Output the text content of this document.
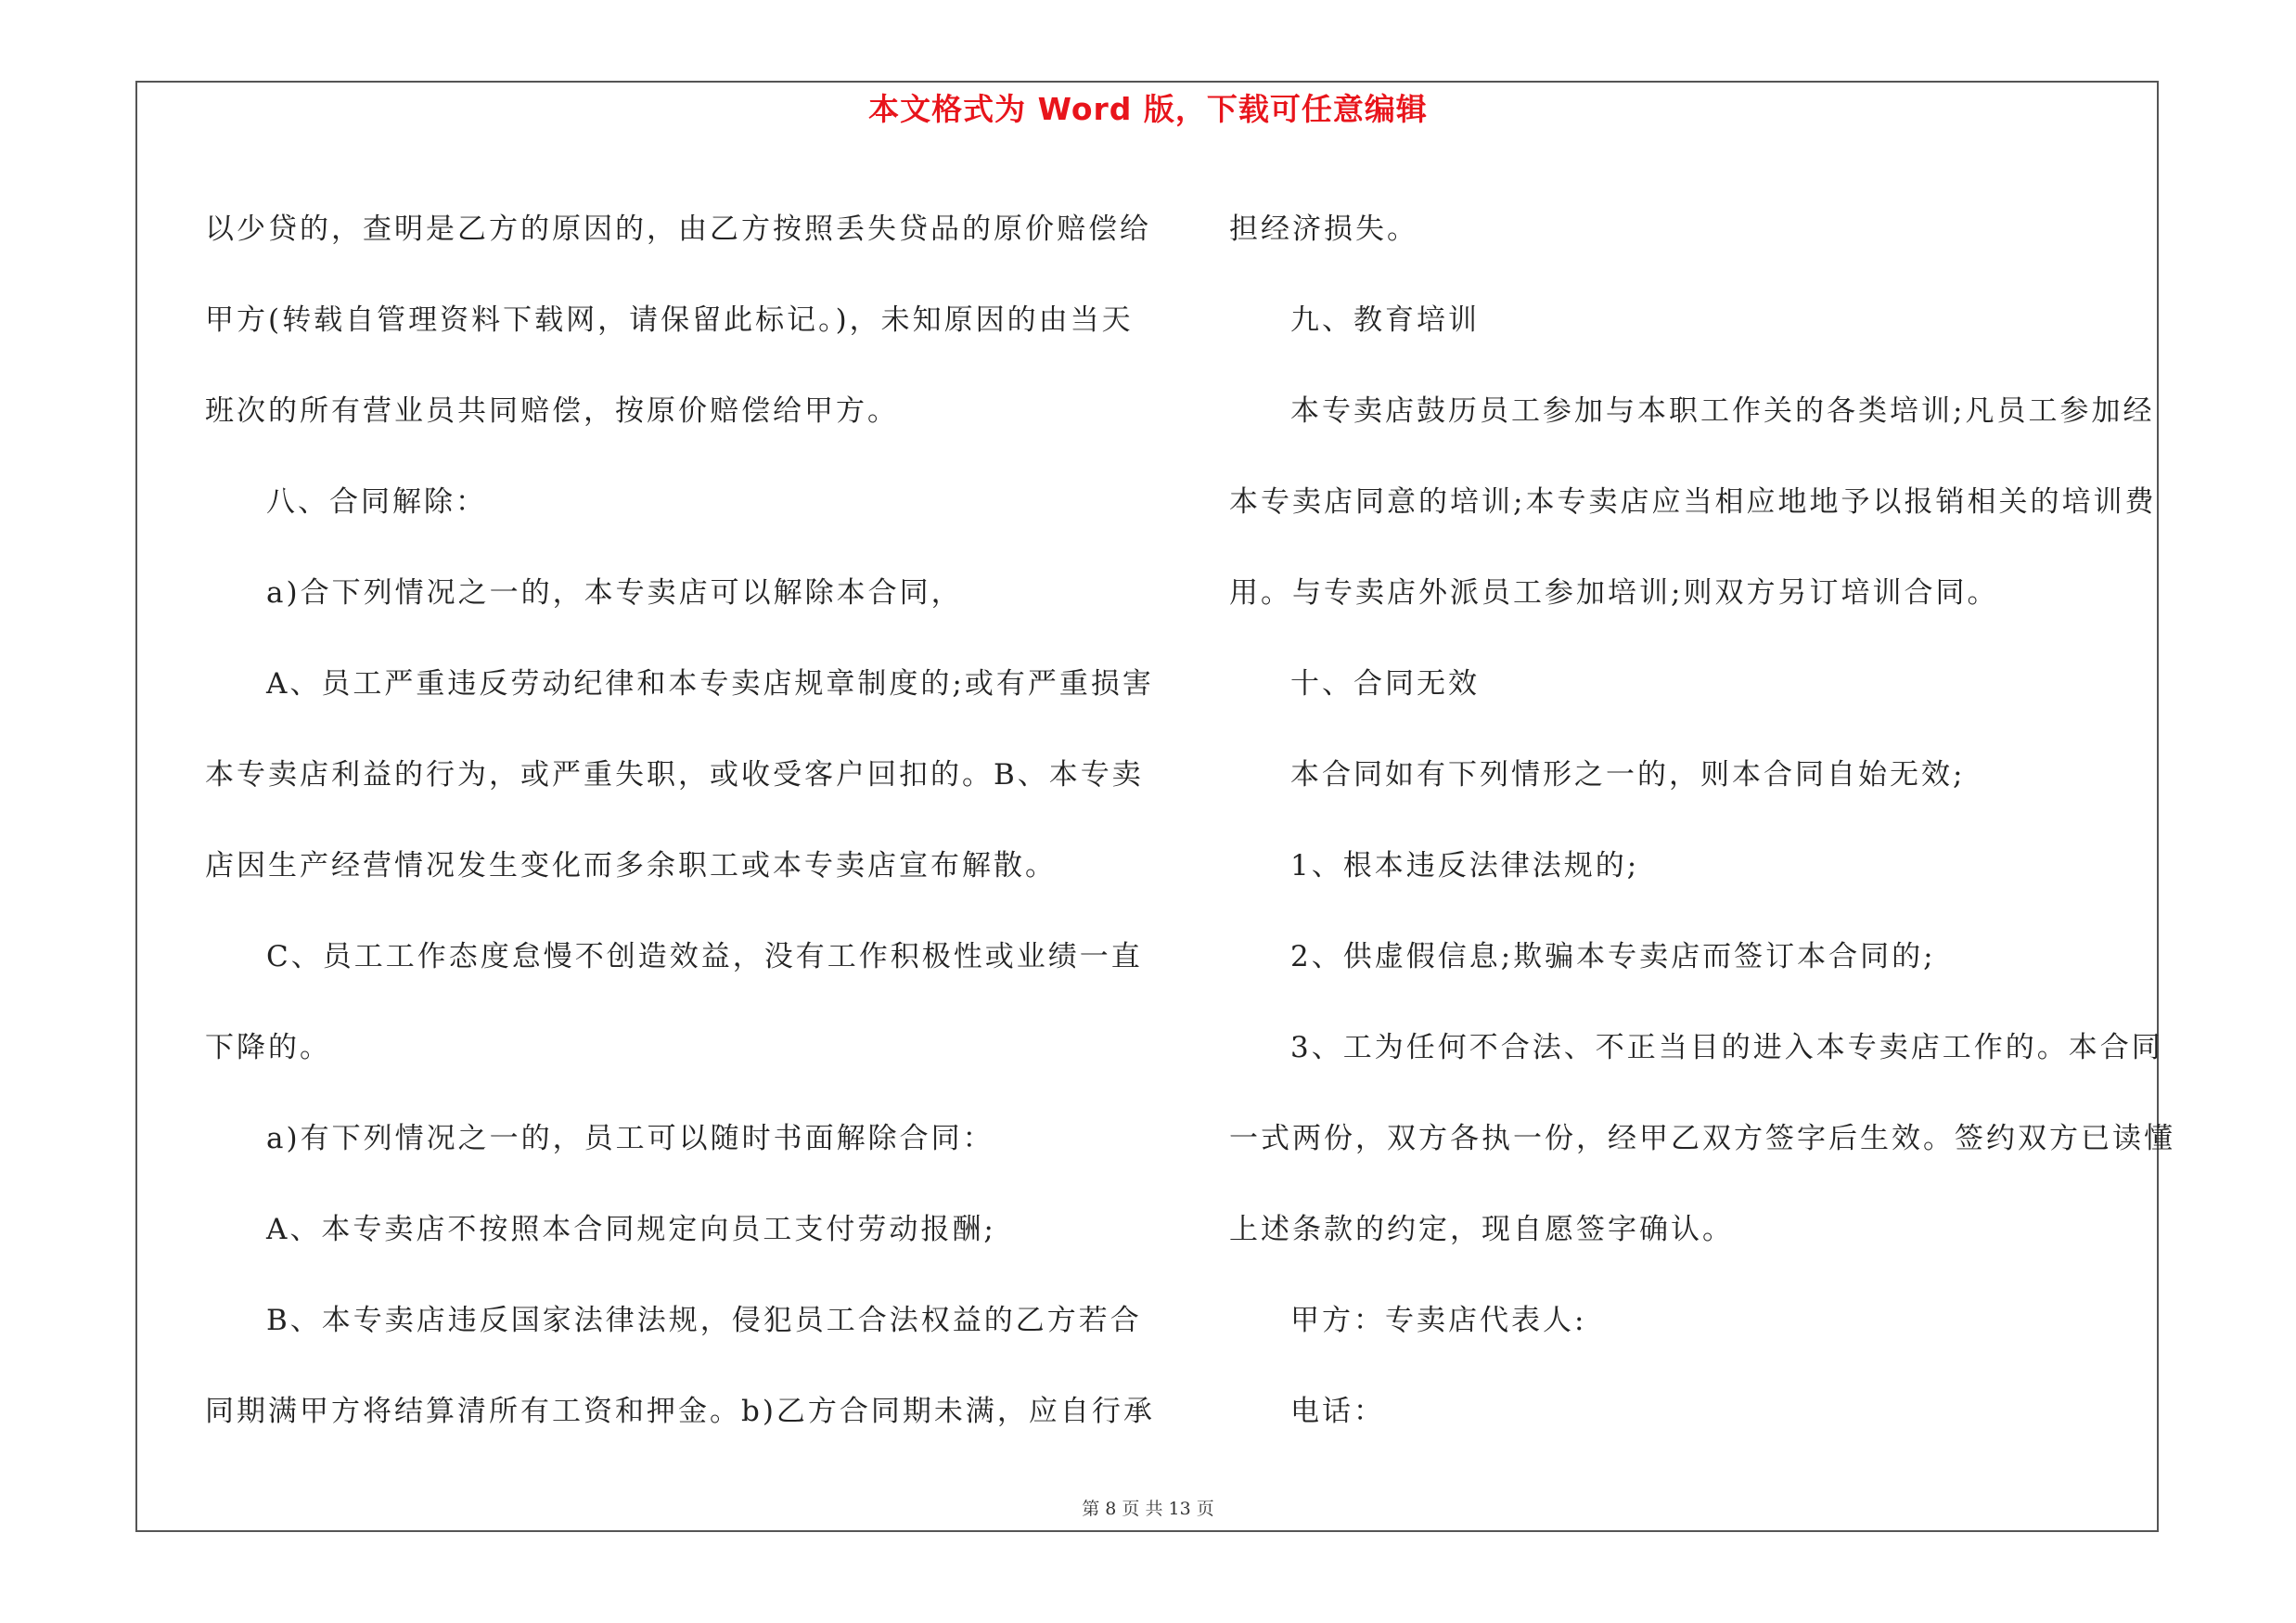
本文格式为 Word 版，下载可任意编辑
以少贷的，查明是乙方的原因的，由乙方按照丢失贷品的原价赔偿给
甲方(转载自管理资料下载网，请保留此标记。)，未知原因的由当天
班次的所有营业员共同赔偿，按原价赔偿给甲方。
八、合同解除：
a)合下列情况之一的，本专卖店可以解除本合同，
A、员工严重违反劳动纪律和本专卖店规章制度的;或有严重损害
本专卖店利益的行为，或严重失职，或收受客户回扣的。B、本专卖
店因生产经营情况发生变化而多余职工或本专卖店宣布解散。
C、员工工作态度怠慢不创造效益，没有工作积极性或业绩一直
下降的。
a)有下列情况之一的，员工可以随时书面解除合同：
A、本专卖店不按照本合同规定向员工支付劳动报酬;
B、本专卖店违反国家法律法规，侵犯员工合法权益的乙方若合
同期满甲方将结算清所有工资和押金。b)乙方合同期未满，应自行承
担经济损失。
九、教育培训
本专卖店鼓历员工参加与本职工作关的各类培训;凡员工参加经
本专卖店同意的培训;本专卖店应当相应地地予以报销相关的培训费
用。与专卖店外派员工参加培训;则双方另订培训合同。
十、合同无效
本合同如有下列情形之一的，则本合同自始无效;
1、根本违反法律法规的;
2、供虚假信息;欺骗本专卖店而签订本合同的;
3、工为任何不合法、不正当目的进入本专卖店工作的。本合同
一式两份，双方各执一份，经甲乙双方签字后生效。签约双方已读懂
上述条款的约定，现自愿签字确认。
甲方：专卖店代表人:
电话：
第 8 页 共 13 页
